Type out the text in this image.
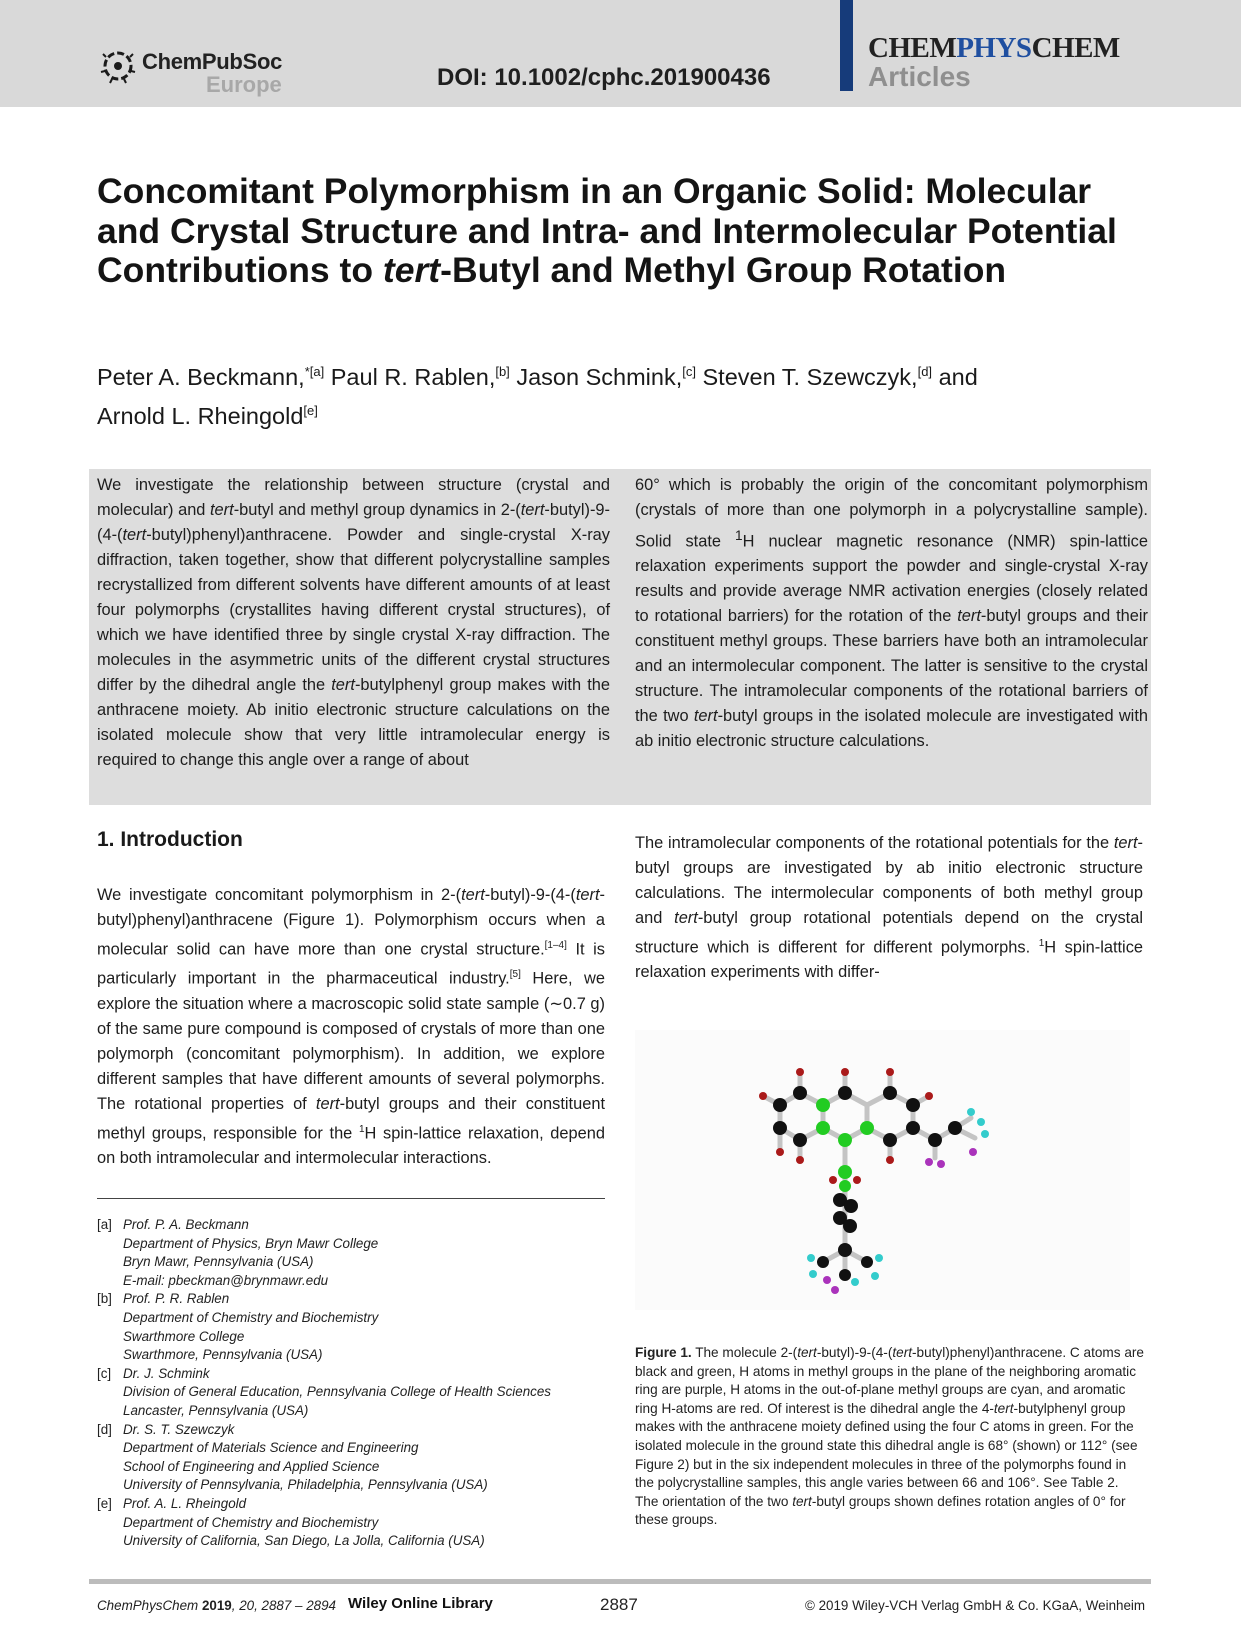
ChemPubSoc
Europe	DOI: 10.1002/cphc.201900436
CHEMPHYSCHEM
Articles
Concomitant Polymorphism in an Organic Solid: Molecular and Crystal Structure and Intra- and Intermolecular Potential Contributions to tert-Butyl and Methyl Group Rotation
Peter A. Beckmann,$^{*[a]}$ Paul R. Rablen,[b] Jason Schmink,[c] Steven T. Szewczyk,[d] and
Arnold L. Rheingold[e]
We investigate the relationship between structure (crystal and molecular) and tert-butyl and methyl group dynamics in 2-(tert-butyl)-9-(4-(tert-butyl)phenyl)anthracene. Powder and single-crystal X-ray diffraction, taken together, show that different polycrystalline samples recrystallized from different solvents have different amounts of at least four polymorphs (crystallites having different crystal structures), of which we have identified three by single crystal X-ray diffraction. The molecules in the asymmetric units of the different crystal structures differ by the dihedral angle the tert-butylphenyl group makes with the anthracene moiety. Ab initio electronic structure calculations on the isolated molecule show that very little intramolecular energy is required to change this angle over a range of about
60° which is probably the origin of the concomitant polymorphism (crystals of more than one polymorph in a polycrystalline sample). Solid state $^1$H nuclear magnetic resonance (NMR) spin-lattice relaxation experiments support the powder and single-crystal X-ray results and provide average NMR activation energies (closely related to rotational barriers) for the rotation of the tert-butyl groups and their constituent methyl groups. These barriers have both an intramolecular and an intermolecular component. The latter is sensitive to the crystal structure. The intramolecular components of the rotational barriers of the two tert-butyl groups in the isolated molecule are investigated with ab initio electronic structure calculations.
1. Introduction
We investigate concomitant polymorphism in 2-(tert-butyl)-9-(4-(tert-butyl)phenyl)anthracene (Figure 1). Polymorphism occurs when a molecular solid can have more than one crystal structure.[1–4] It is particularly important in the pharmaceutical industry.[5] Here, we explore the situation where a macroscopic solid state sample (∼0.7 g) of the same pure compound is composed of crystals of more than one polymorph (concomitant polymorphism). In addition, we explore different samples that have different amounts of several polymorphs. The rotational properties of tert-butyl groups and their constituent methyl groups, responsible for the $^1$H spin-lattice relaxation, depend on both intramolecular and intermolecular interactions.
The intramolecular components of the rotational potentials for the tert-butyl groups are investigated by ab initio electronic structure calculations. The intermolecular components of both methyl group and tert-butyl group rotational potentials depend on the crystal structure which is different for different polymorphs. $^1$H spin-lattice relaxation experiments with differ-
[a] Prof. P. A. Beckmann
Department of Physics, Bryn Mawr College
Bryn Mawr, Pennsylvania (USA)
E-mail: pbeckman@brynmawr.edu
[b] Prof. P. R. Rablen
Department of Chemistry and Biochemistry
Swarthmore College
Swarthmore, Pennsylvania (USA)
[c] Dr. J. Schmink
Division of General Education, Pennsylvania College of Health Sciences
Lancaster, Pennsylvania (USA)
[d] Dr. S. T. Szewczyk
Department of Materials Science and Engineering
School of Engineering and Applied Science
University of Pennsylvania, Philadelphia, Pennsylvania (USA)
[e] Prof. A. L. Rheingold
Department of Chemistry and Biochemistry
University of California, San Diego, La Jolla, California (USA)
Figure 1. The molecule 2-(tert-butyl)-9-(4-(tert-butyl)phenyl)anthracene. C atoms are black and green, H atoms in methyl groups in the plane of the neighboring aromatic ring are purple, H atoms in the out-of-plane methyl groups are cyan, and aromatic ring H-atoms are red. Of interest is the dihedral angle the 4-tert-butylphenyl group makes with the anthracene moiety defined using the four C atoms in green. For the isolated molecule in the ground state this dihedral angle is 68° (shown) or 112° (see Figure 2) but in the six independent molecules in three of the polymorphs found in the polycrystalline samples, this angle varies between 66 and 106°. See Table 2. The orientation of the two tert-butyl groups shown defines rotation angles of 0° for these groups.
ChemPhysChem 2019, 20, 2887 – 2894 Wiley Online Library	2887	© 2019 Wiley-VCH Verlag GmbH & Co. KGaA, Weinheim
